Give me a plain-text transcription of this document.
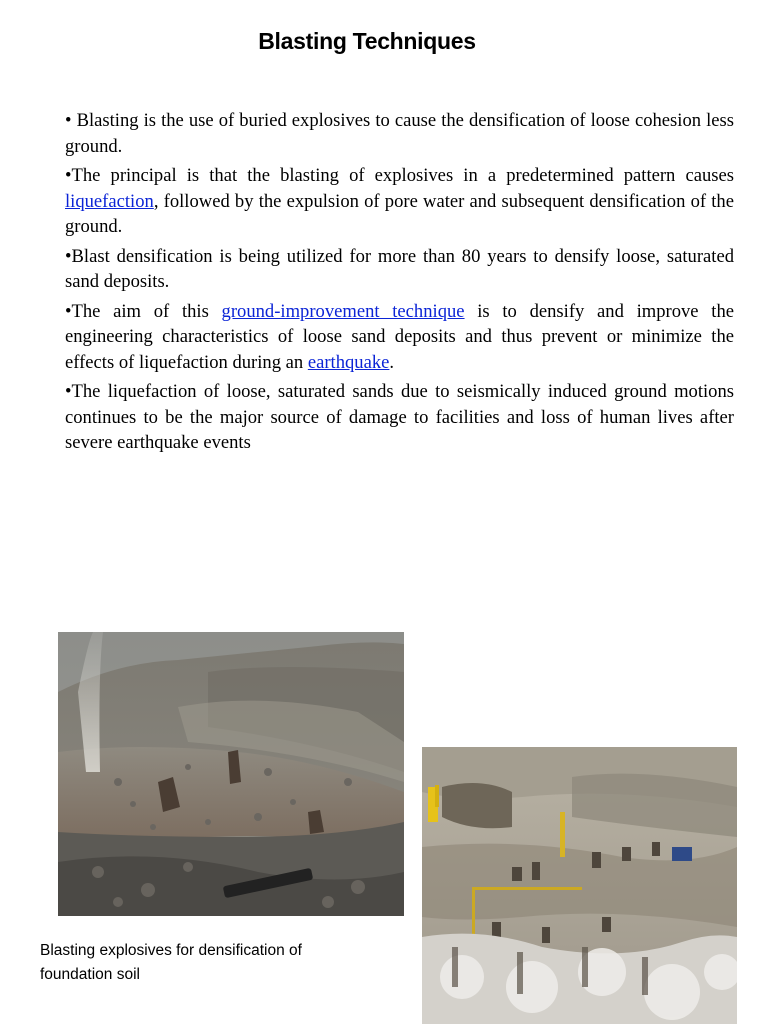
Blasting Techniques

• Blasting is the use of buried explosives to cause the densification of loose cohesion less ground.

•The principal is that the blasting of explosives in a predetermined pattern causes liquefaction, followed by the expulsion of pore water and subsequent densification of the ground.

•Blast densification is being utilized for more than 80 years to densify loose, saturated sand deposits.

•The aim of this ground-improvement technique is to densify and improve the engineering characteristics of loose sand deposits and thus prevent or minimize the effects of liquefaction during an earthquake.

•The liquefaction of loose, saturated sands due to seismically induced ground motions continues to be the major source of damage to facilities and loss of human lives after severe earthquake events

Blasting explosives for densification of foundation soil
